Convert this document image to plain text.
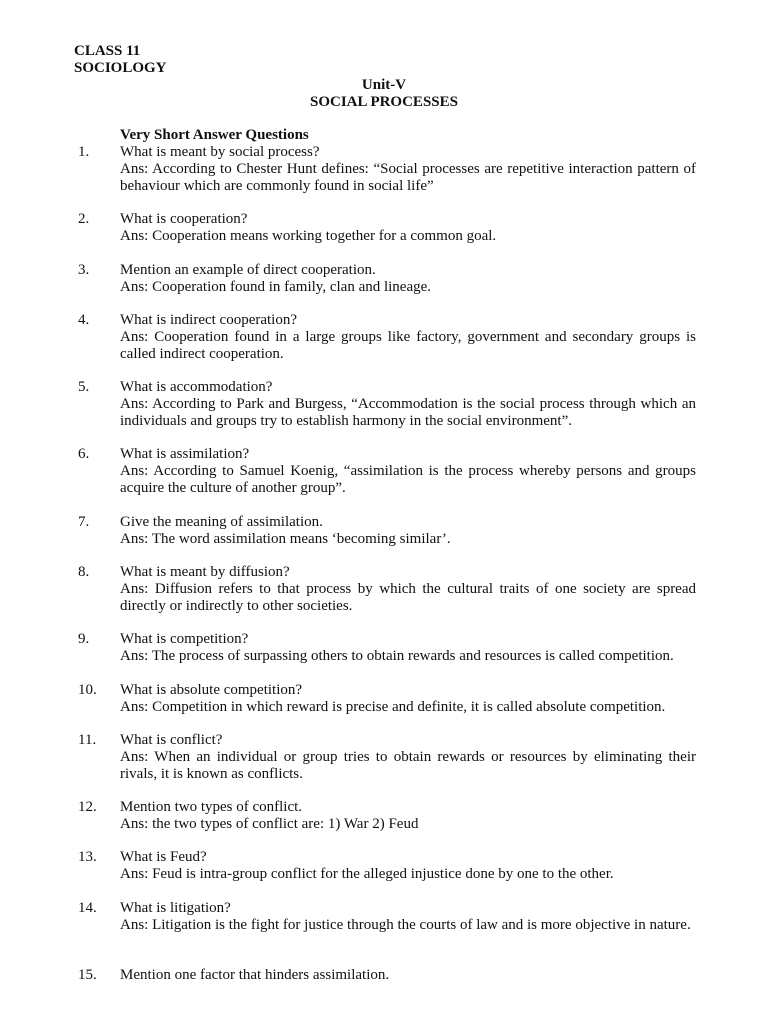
CLASS 11
SOCIOLOGY
Unit-V
SOCIAL PROCESSES
Very Short Answer Questions
1.	What is meant by social process?
Ans: According to Chester Hunt defines: “Social processes are repetitive interaction pattern of behaviour which are commonly found in social life”
2.	What is cooperation?
Ans: Cooperation means working together for a common goal.
3.	Mention an example of direct cooperation.
Ans: Cooperation found in family, clan and lineage.
4.	What is indirect cooperation?
Ans: Cooperation found in a large groups like factory, government and secondary groups is called indirect cooperation.
5.	What is accommodation?
Ans: According to Park and Burgess, “Accommodation is the social process through which an individuals and groups try to establish harmony in the social environment”.
6.	What is assimilation?
Ans: According to Samuel Koenig, “assimilation is the process whereby persons and groups acquire the culture of another group”.
7.	Give the meaning of assimilation.
Ans: The word assimilation means ‘becoming similar’.
8.	What is meant by diffusion?
Ans: Diffusion refers to that process by which the cultural traits of one society are spread directly or indirectly to other societies.
9.	What is competition?
Ans: The process of surpassing others to obtain rewards and resources is called competition.
10.	What is absolute competition?
Ans: Competition in which reward is precise and definite, it is called absolute competition.
11.	What is conflict?
Ans: When an individual or group tries to obtain rewards or resources by eliminating their rivals, it is known as conflicts.
12.	Mention two types of conflict.
Ans: the two types of conflict are: 1) War 2) Feud
13.	What is Feud?
Ans: Feud is intra-group conflict for the alleged injustice done by one to the other.
14.	What is litigation?
Ans: Litigation is the fight for justice through the courts of law and is more objective in nature.
15.	Mention one factor that hinders assimilation.
